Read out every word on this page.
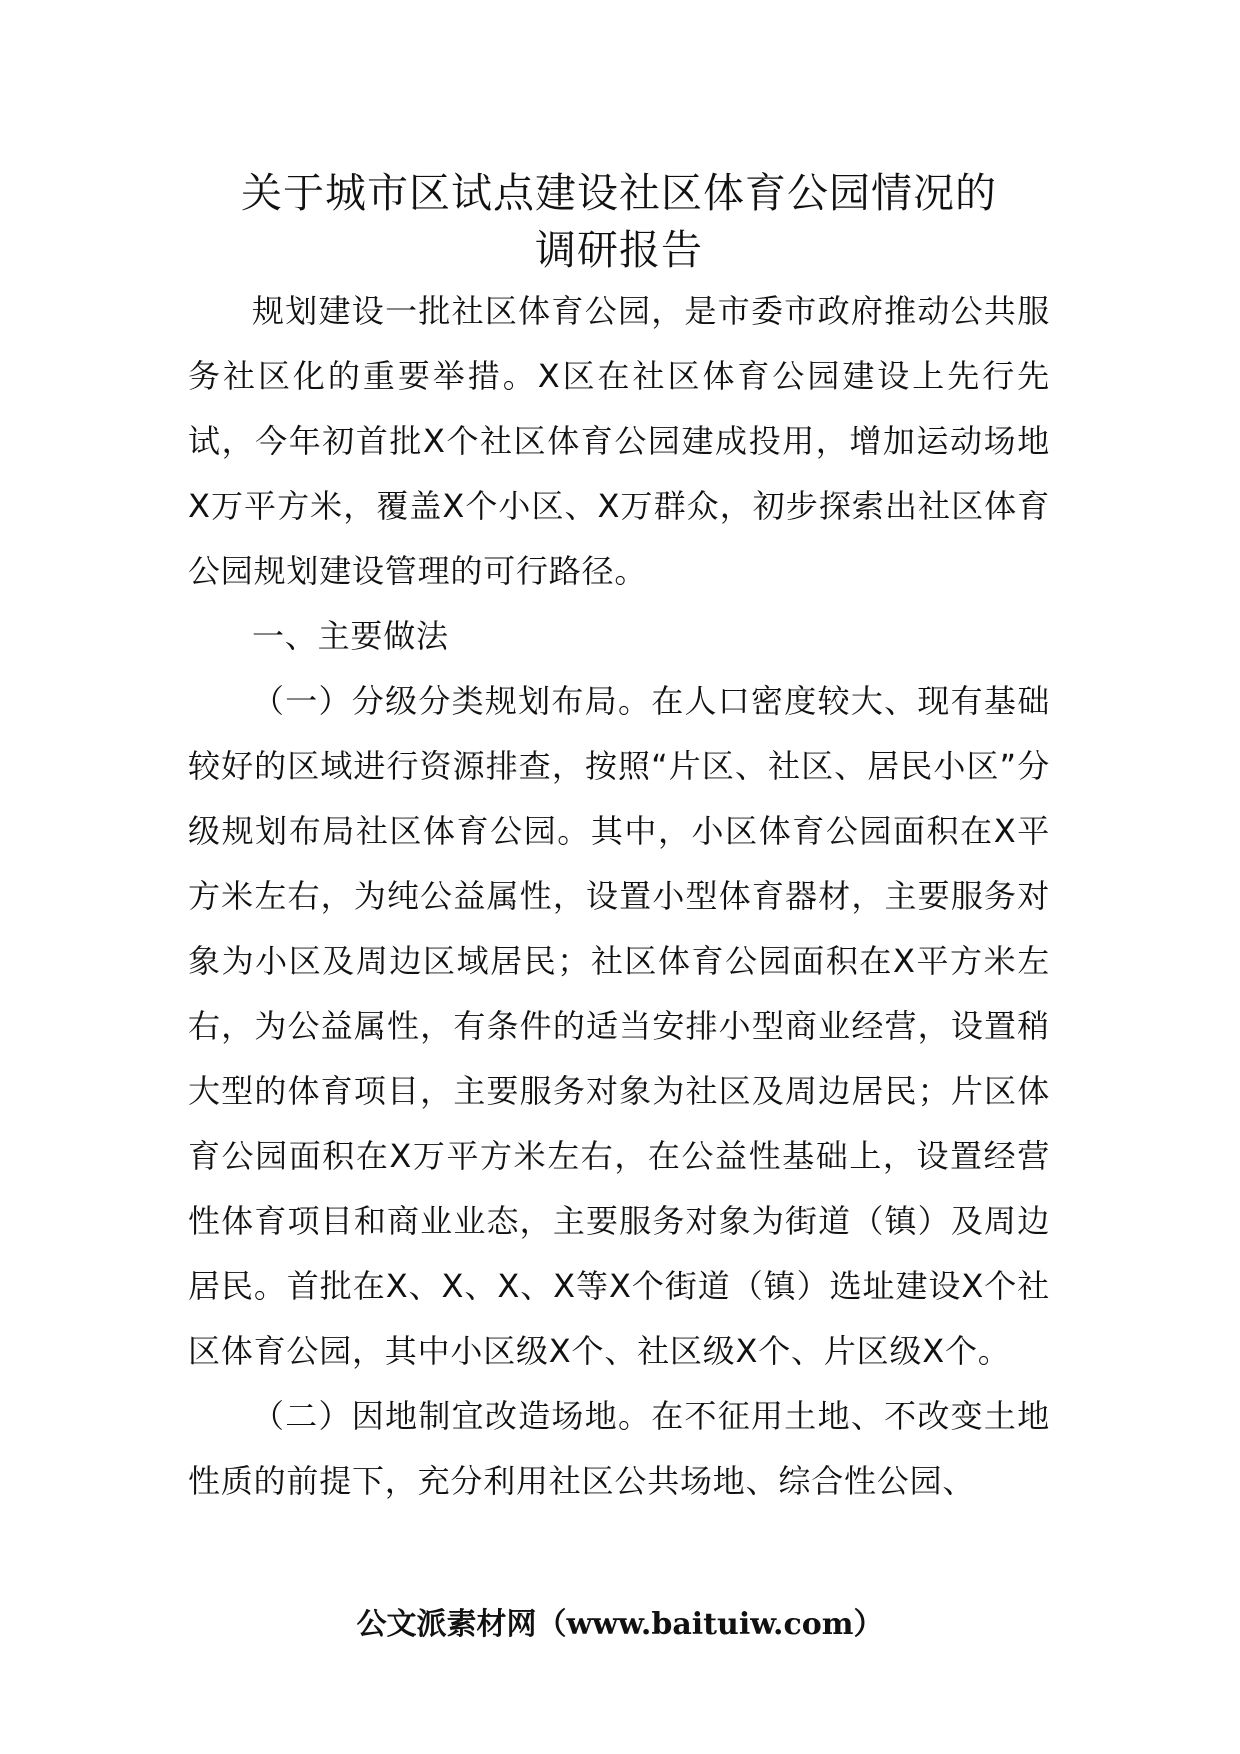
关于城市区试点建设社区体育公园情况的
调研报告

规划建设一批社区体育公园，是市委市政府推动公共服务社区化的重要举措。X区在社区体育公园建设上先行先试，今年初首批X个社区体育公园建成投用，增加运动场地X万平方米，覆盖X个小区、X万群众，初步探索出社区体育公园规划建设管理的可行路径。

一、主要做法

（一）分级分类规划布局。在人口密度较大、现有基础较好的区域进行资源排查，按照“片区、社区、居民小区”分级规划布局社区体育公园。其中，小区体育公园面积在X平方米左右，为纯公益属性，设置小型体育器材，主要服务对象为小区及周边区域居民；社区体育公园面积在X平方米左右，为公益属性，有条件的适当安排小型商业经营，设置稍大型的体育项目，主要服务对象为社区及周边居民；片区体育公园面积在X万平方米左右，在公益性基础上，设置经营性体育项目和商业业态，主要服务对象为街道（镇）及周边居民。首批在X、X、X、X等X个街道（镇）选址建设X个社区体育公园，其中小区级X个、社区级X个、片区级X个。

（二）因地制宜改造场地。在不征用土地、不改变土地性质的前提下，充分利用社区公共场地、综合性公园、

公文派素材网（www.baituiw.com）
